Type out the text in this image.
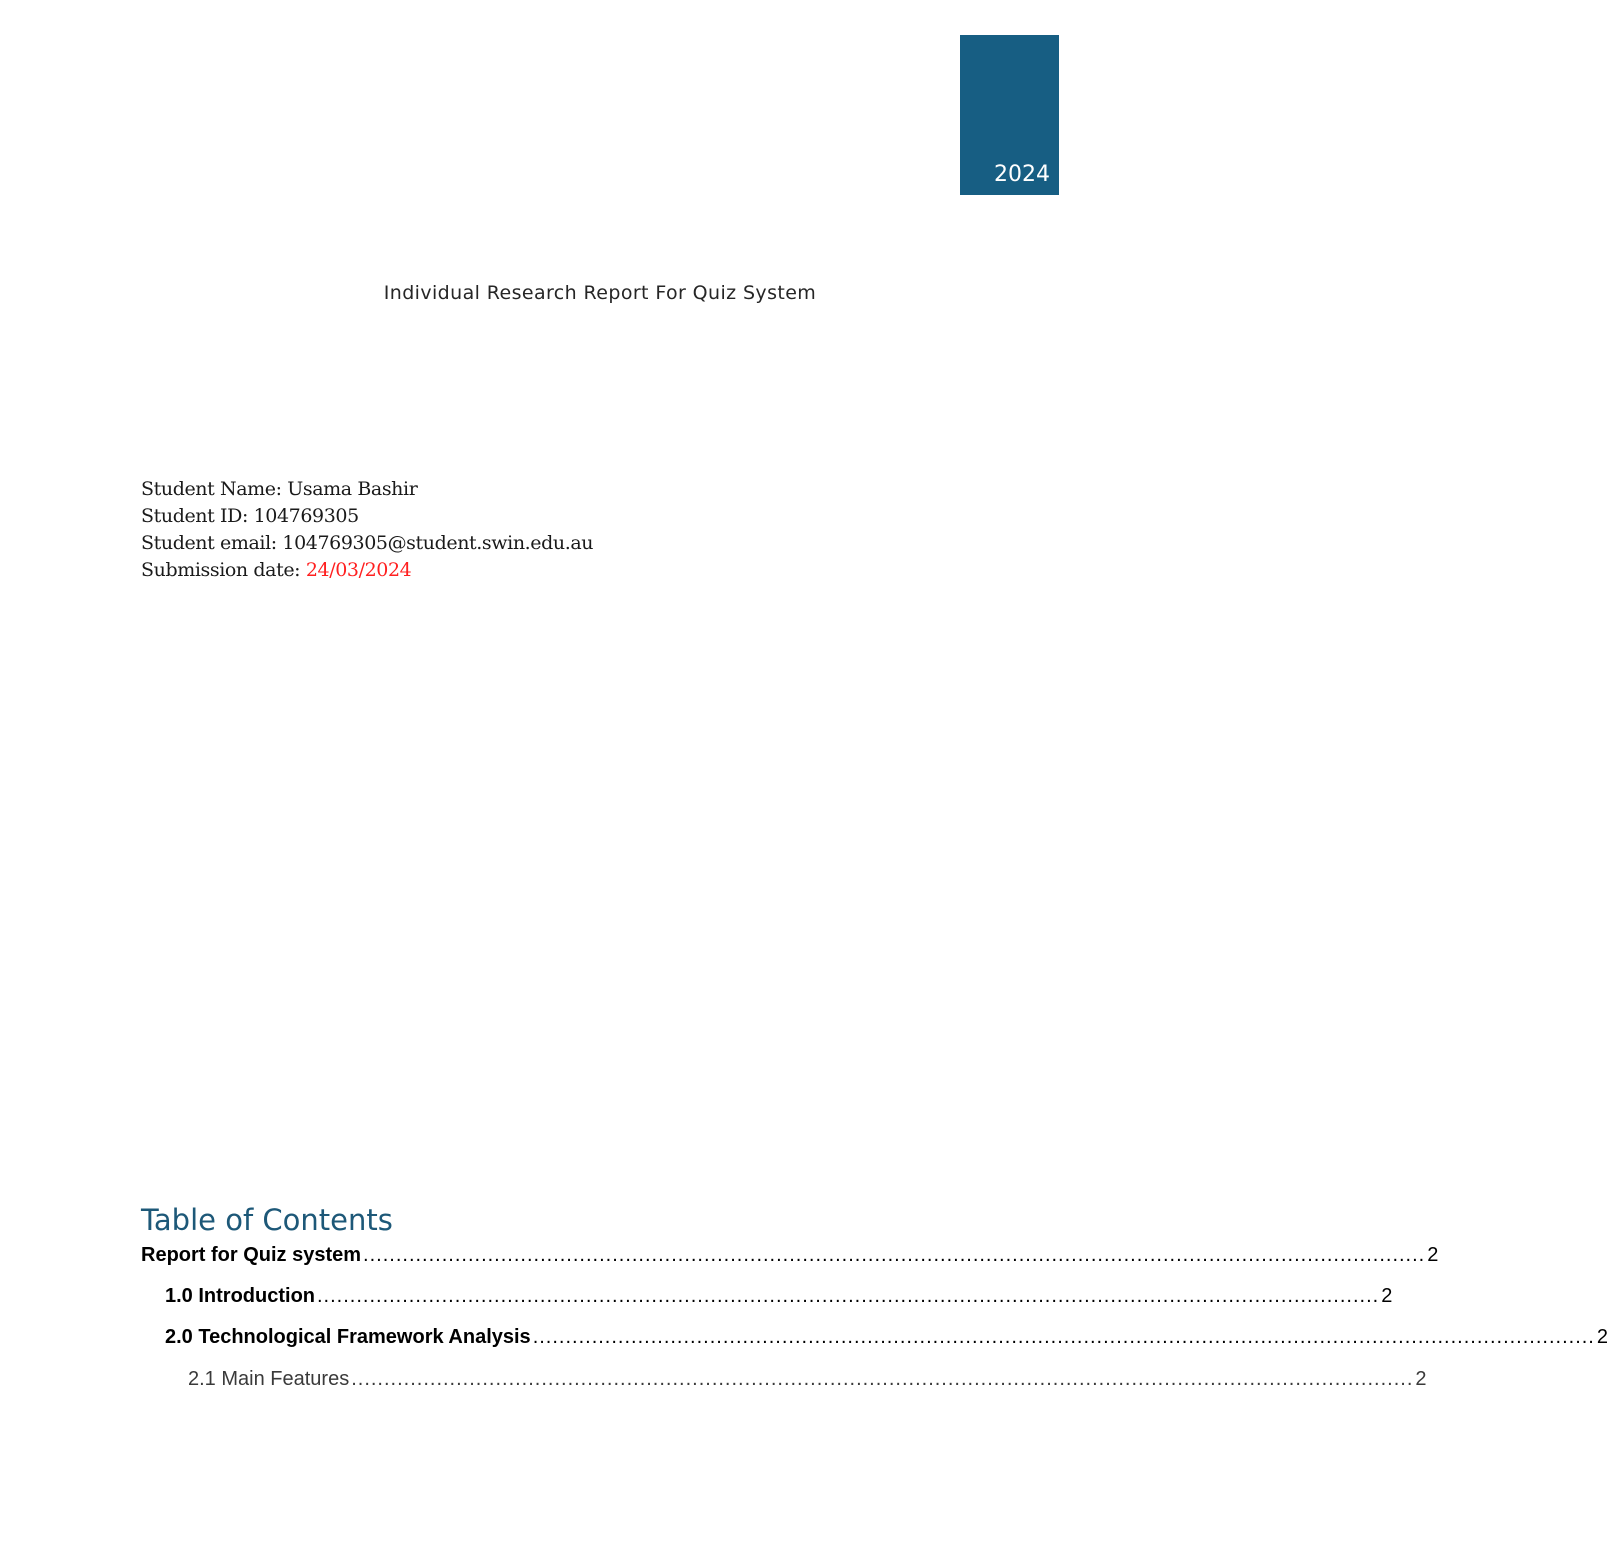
2024
Individual Research Report For Quiz System
Student Name: Usama Bashir
Student ID: 104769305
Student email: 104769305@student.swin.edu.au
Submission date: 24/03/2024
Table of Contents
Report for Quiz system .................................................................................................................................................................. 2
1.0 Introduction .................................................................................................................................................................. 2
2.0 Technological Framework Analysis .................................................................................................................................................................. 2
2.1 Main Features .................................................................................................................................................................. 2
